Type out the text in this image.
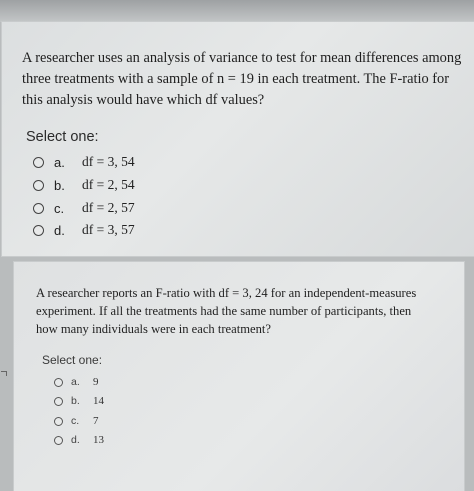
A researcher uses an analysis of variance to test for mean differences among three treatments with a sample of n = 19 in each treatment. The F-ratio for this analysis would have which df values?
Select one:
a.	df = 3, 54
b.	df = 2, 54
c.	df = 2, 57
d.	df = 3, 57
A researcher reports an F-ratio with df = 3, 24 for an independent-measures experiment. If all the treatments had the same number of participants, then how many individuals were in each treatment?
Select one:
a.	9
b.	14
c.	7
d.	13
